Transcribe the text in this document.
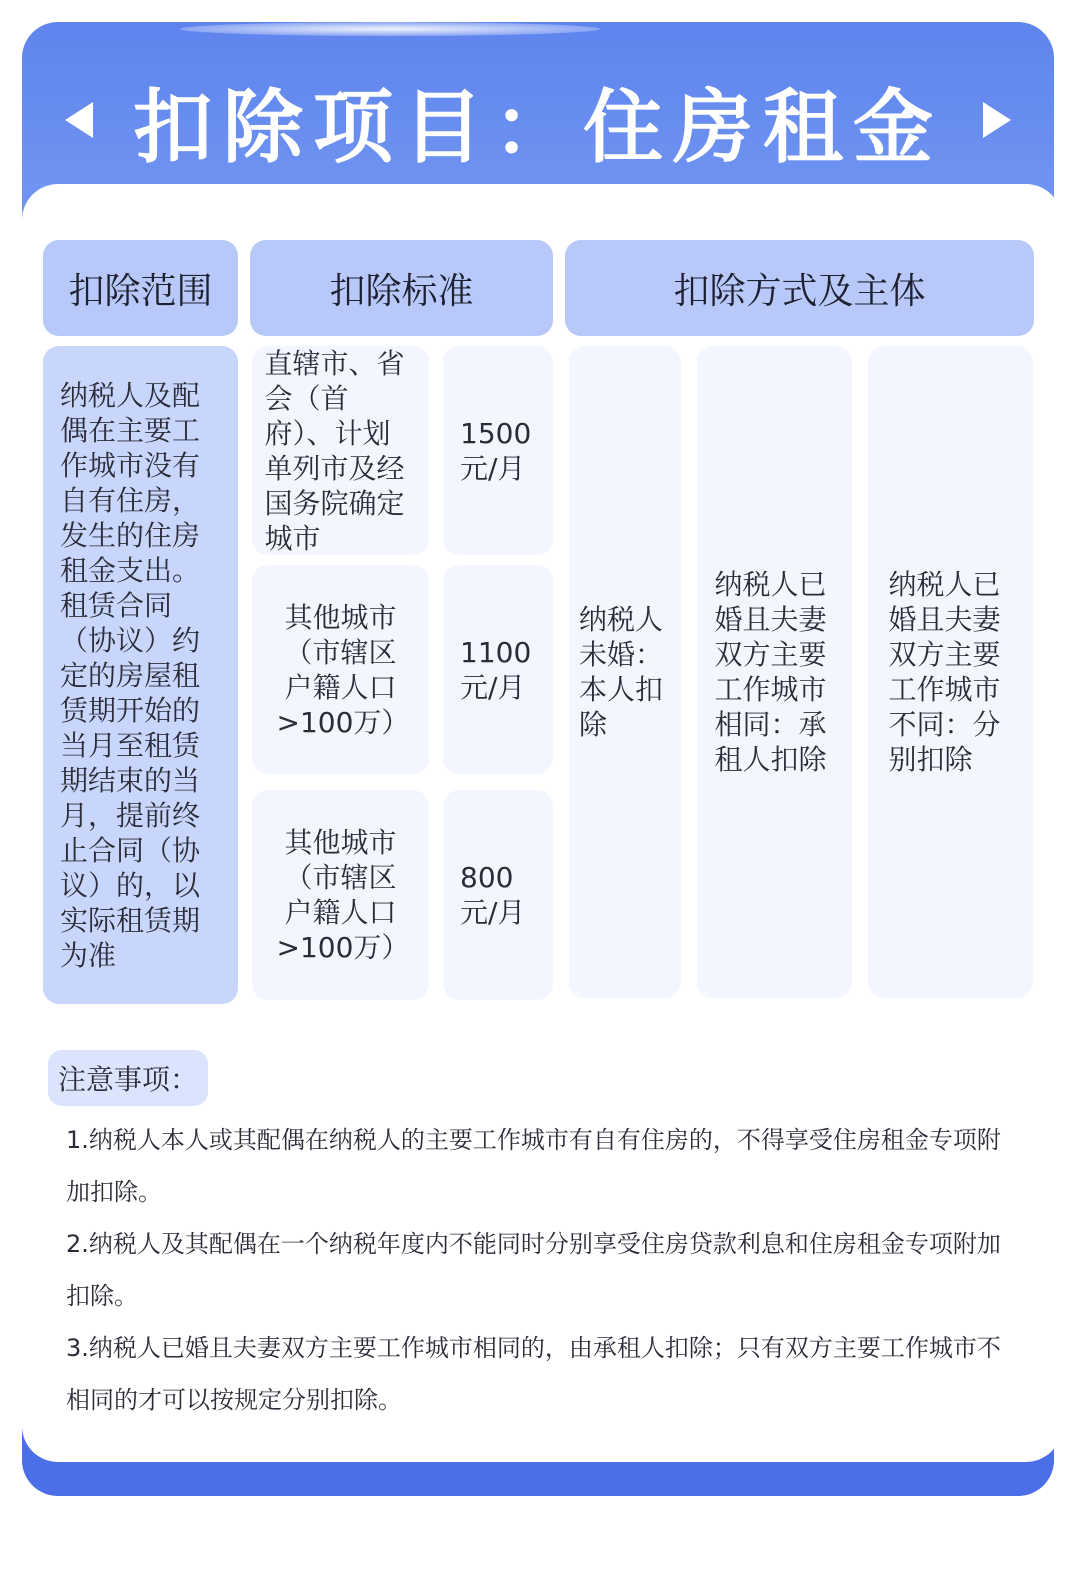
扣除项目：住房租金
扣除范围	扣除标准	扣除方式及主体
纳税人及配偶在主要工作城市没有自有住房，发生的住房租金支出。租赁合同（协议）约定的房屋租赁期开始的当月至租赁期结束的当月，提前终止合同（协议）的，以实际租赁期为准
直辖市、省会（首府）、计划单列市及经国务院确定城市
1500元/月
其他城市（市辖区户籍人口>100万）
1100元/月
其他城市（市辖区户籍人口>100万）
800元/月
纳税人未婚：本人扣除
纳税人已婚且夫妻双方主要工作城市相同：承租人扣除
纳税人已婚且夫妻双方主要工作城市不同：分别扣除
注意事项：
1.纳税人本人或其配偶在纳税人的主要工作城市有自有住房的，不得享受住房租金专项附加扣除。
2.纳税人及其配偶在一个纳税年度内不能同时分别享受住房贷款利息和住房租金专项附加扣除。
3.纳税人已婚且夫妻双方主要工作城市相同的，由承租人扣除；只有双方主要工作城市不相同的才可以按规定分别扣除。
